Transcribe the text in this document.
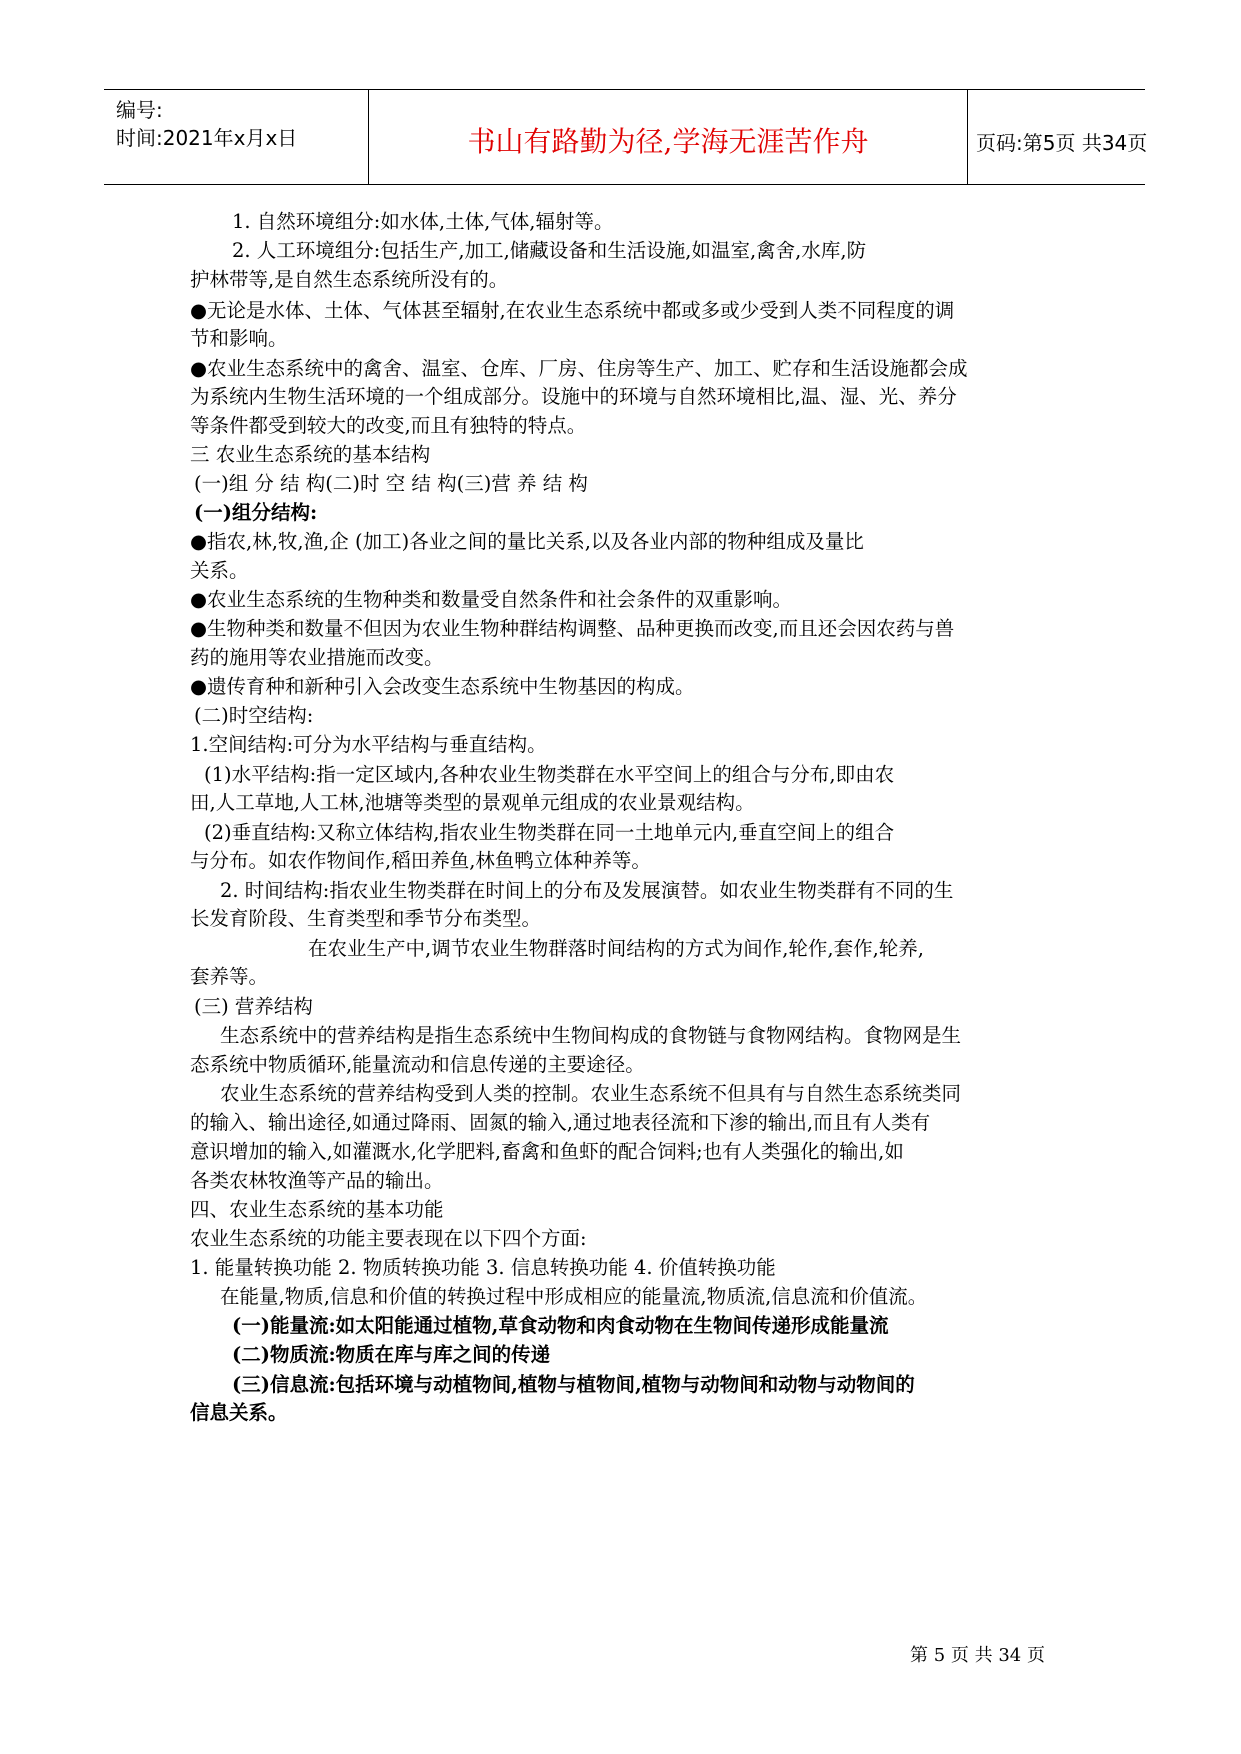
编号:
时间:2021年x月x日	书山有路勤为径,学海无涯苦作舟	页码:第5页 共34页
1. 自然环境组分:如水体,土体,气体,辐射等。
2. 人工环境组分:包括生产,加工,储藏设备和生活设施,如温室,禽舍,水库,防
护林带等,是自然生态系统所没有的。
●无论是水体、土体、气体甚至辐射,在农业生态系统中都或多或少受到人类不同程度的调
节和影响。
●农业生态系统中的禽舍、温室、仓库、厂房、住房等生产、加工、贮存和生活设施都会成
为系统内生物生活环境的一个组成部分。设施中的环境与自然环境相比,温、湿、光、养分
等条件都受到较大的改变,而且有独特的特点。
三 农业生态系统的基本结构
(一)组 分 结 构(二)时 空 结 构(三)营 养 结 构
(一)组分结构:
●指农,林,牧,渔,企 (加工)各业之间的量比关系,以及各业内部的物种组成及量比
关系。
●农业生态系统的生物种类和数量受自然条件和社会条件的双重影响。
●生物种类和数量不但因为农业生物种群结构调整、品种更换而改变,而且还会因农药与兽
药的施用等农业措施而改变。
●遗传育种和新种引入会改变生态系统中生物基因的构成。
(二)时空结构:
1.空间结构:可分为水平结构与垂直结构。
(1)水平结构:指一定区域内,各种农业生物类群在水平空间上的组合与分布,即由农
田,人工草地,人工林,池塘等类型的景观单元组成的农业景观结构。
(2)垂直结构:又称立体结构,指农业生物类群在同一土地单元内,垂直空间上的组合
与分布。如农作物间作,稻田养鱼,林鱼鸭立体种养等。
2. 时间结构:指农业生物类群在时间上的分布及发展演替。如农业生物类群有不同的生
长发育阶段、生育类型和季节分布类型。
在农业生产中,调节农业生物群落时间结构的方式为间作,轮作,套作,轮养,
套养等。
(三) 营养结构
生态系统中的营养结构是指生态系统中生物间构成的食物链与食物网结构。食物网是生
态系统中物质循环,能量流动和信息传递的主要途径。
农业生态系统的营养结构受到人类的控制。农业生态系统不但具有与自然生态系统类同
的输入、输出途径,如通过降雨、固氮的输入,通过地表径流和下渗的输出,而且有人类有
意识增加的输入,如灌溉水,化学肥料,畜禽和鱼虾的配合饲料;也有人类强化的输出,如
各类农林牧渔等产品的输出。
四、农业生态系统的基本功能
农业生态系统的功能主要表现在以下四个方面:
1. 能量转换功能 2. 物质转换功能 3. 信息转换功能 4. 价值转换功能
在能量,物质,信息和价值的转换过程中形成相应的能量流,物质流,信息流和价值流。
(一)能量流:如太阳能通过植物,草食动物和肉食动物在生物间传递形成能量流
(二)物质流:物质在库与库之间的传递
(三)信息流:包括环境与动植物间,植物与植物间,植物与动物间和动物与动物间的
信息关系。
第 5 页 共 34 页
